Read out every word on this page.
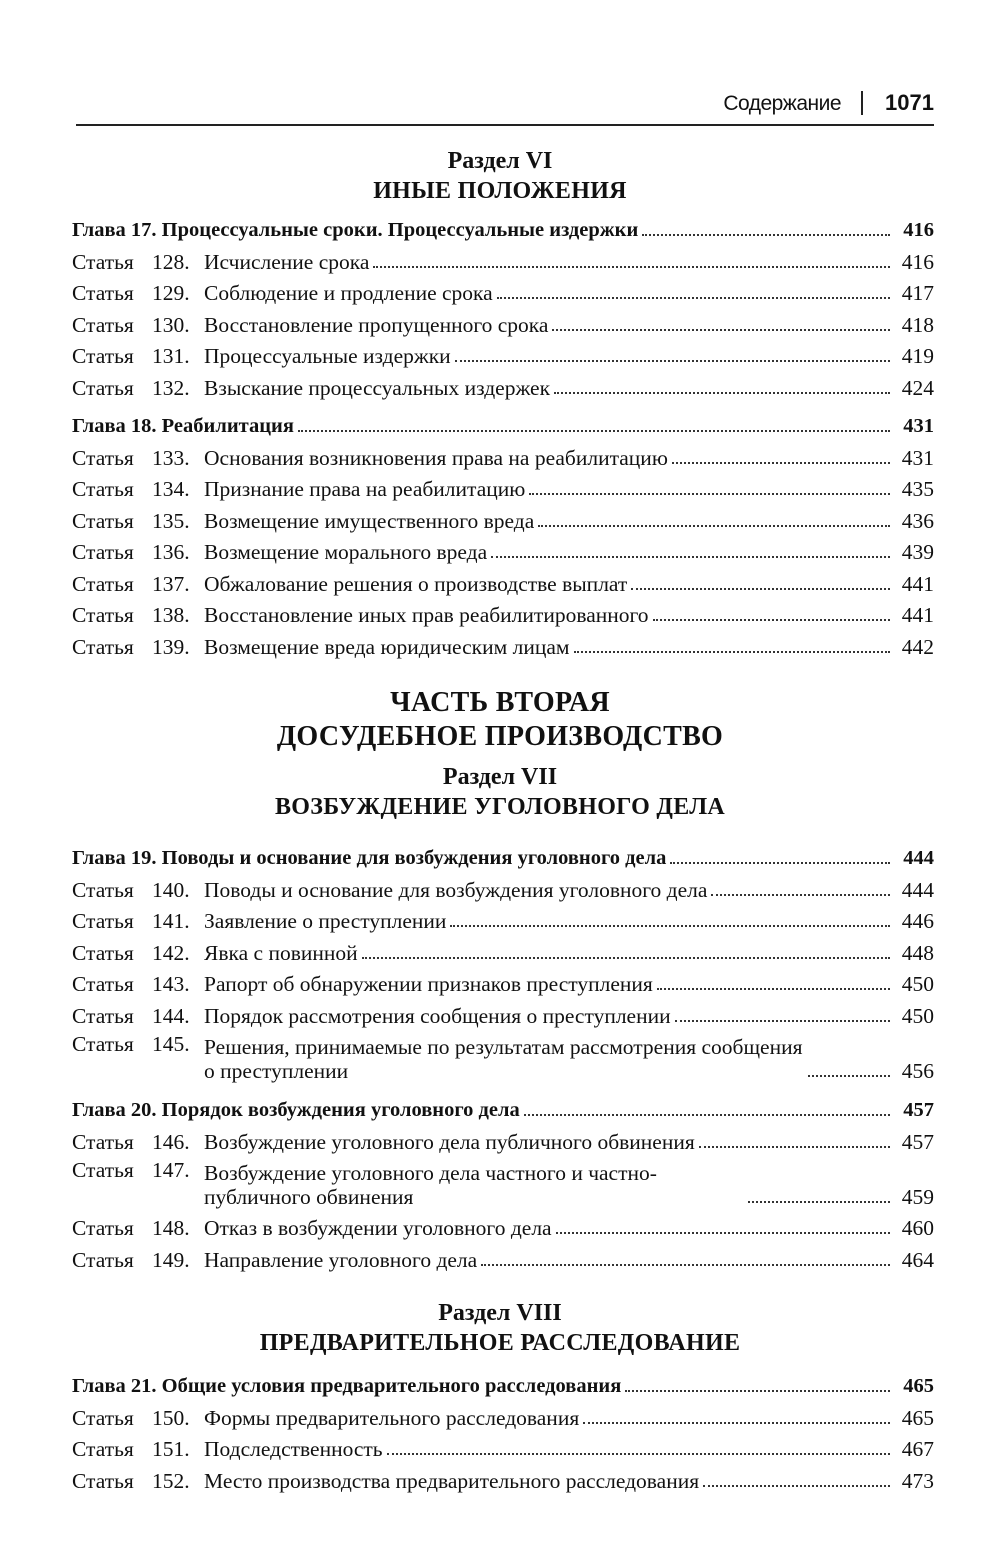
Содержание 1071
Раздел VI
ИНЫЕ ПОЛОЖЕНИЯ
Глава 17. Процессуальные сроки. Процессуальные издержки	416
Статья 128. Исчисление срока	416
Статья 129. Соблюдение и продление срока	417
Статья 130. Восстановление пропущенного срока	418
Статья 131. Процессуальные издержки	419
Статья 132. Взыскание процессуальных издержек	424
Глава 18. Реабилитация	431
Статья 133. Основания возникновения права на реабилитацию	431
Статья 134. Признание права на реабилитацию	435
Статья 135. Возмещение имущественного вреда	436
Статья 136. Возмещение морального вреда	439
Статья 137. Обжалование решения о производстве выплат	441
Статья 138. Восстановление иных прав реабилитированного	441
Статья 139. Возмещение вреда юридическим лицам	442
ЧАСТЬ ВТОРАЯ
ДОСУДЕБНОЕ ПРОИЗВОДСТВО
Раздел VII
ВОЗБУЖДЕНИЕ УГОЛОВНОГО ДЕЛА
Глава 19. Поводы и основание для возбуждения уголовного дела	444
Статья 140. Поводы и основание для возбуждения уголовного дела	444
Статья 141. Заявление о преступлении	446
Статья 142. Явка с повинной	448
Статья 143. Рапорт об обнаружении признаков преступления	450
Статья 144. Порядок рассмотрения сообщения о преступлении	450
Статья 145. Решения, принимаемые по результатам рассмотрения сообщения о преступлении	456
Глава 20. Порядок возбуждения уголовного дела	457
Статья 146. Возбуждение уголовного дела публичного обвинения	457
Статья 147. Возбуждение уголовного дела частного и частно-публичного обвинения	459
Статья 148. Отказ в возбуждении уголовного дела	460
Статья 149. Направление уголовного дела	464
Раздел VIII
ПРЕДВАРИТЕЛЬНОЕ РАССЛЕДОВАНИЕ
Глава 21. Общие условия предварительного расследования	465
Статья 150. Формы предварительного расследования	465
Статья 151. Подследственность	467
Статья 152. Место производства предварительного расследования	473
